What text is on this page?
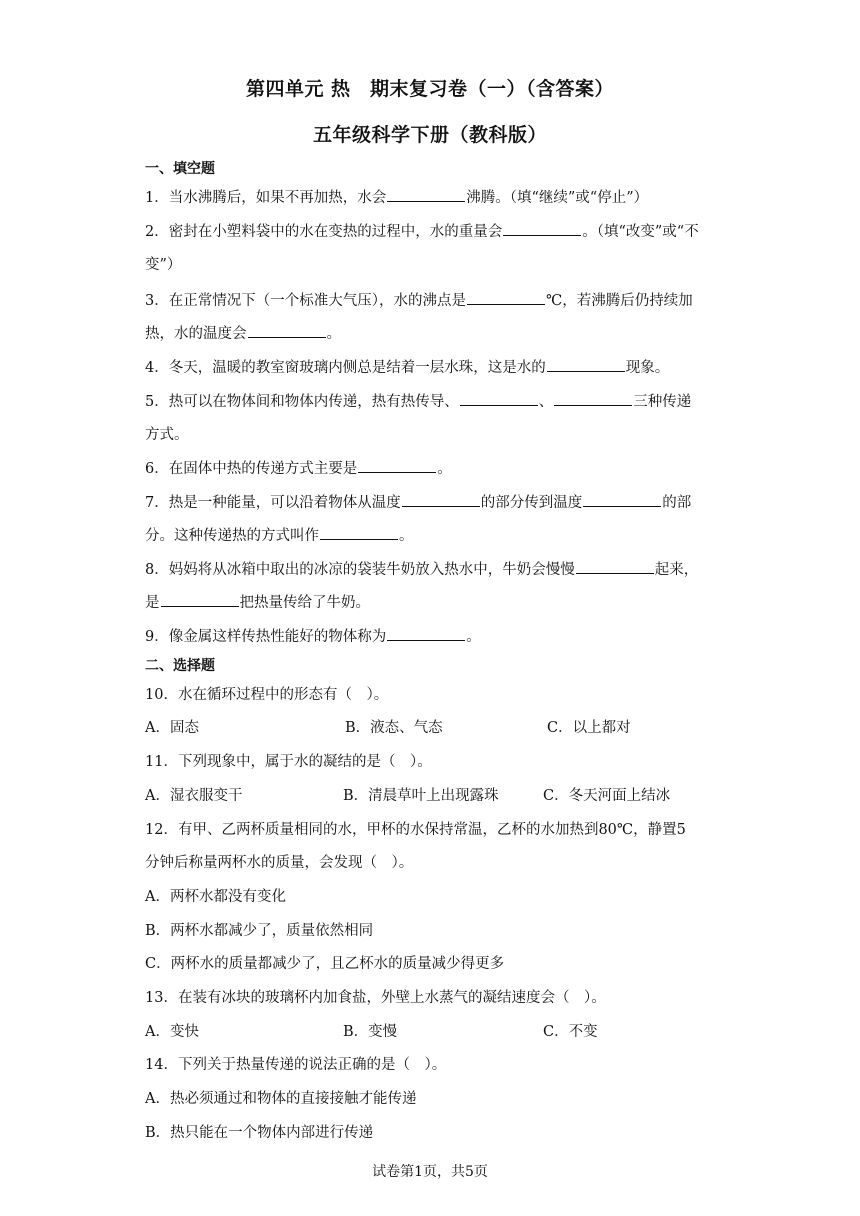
第四单元 热　期末复习卷（一）（含答案）
五年级科学下册（教科版）
一、填空题
1．当水沸腾后，如果不再加热，水会	沸腾。（填“继续”或“停止”）
2．密封在小塑料袋中的水在变热的过程中，水的重量会	。（填“改变”或“不
变”）
3．在正常情况下（一个标准大气压），水的沸点是	℃，若沸腾后仍持续加
热，水的温度会	。
4．冬天，温暖的教室窗玻璃内侧总是结着一层水珠，这是水的	现象。
5．热可以在物体间和物体内传递，热有热传导、	、	三种传递
方式。
6．在固体中热的传递方式主要是	。
7．热是一种能量，可以沿着物体从温度	的部分传到温度	的部
分。这种传递热的方式叫作	。
8．妈妈将从冰箱中取出的冰凉的袋装牛奶放入热水中，牛奶会慢慢	起来，
是	把热量传给了牛奶。
9．像金属这样传热性能好的物体称为	。
二、选择题
10．水在循环过程中的形态有（　）。
A．固态	B．液态、气态	C．以上都对
11．下列现象中，属于水的凝结的是（　）。
A．湿衣服变干	B．清晨草叶上出现露珠	C．冬天河面上结冰
12．有甲、乙两杯质量相同的水，甲杯的水保持常温，乙杯的水加热到80℃，静置5
分钟后称量两杯水的质量，会发现（　）。
A．两杯水都没有变化
B．两杯水都减少了，质量依然相同
C．两杯水的质量都减少了，且乙杯水的质量减少得更多
13．在装有冰块的玻璃杯内加食盐，外壁上水蒸气的凝结速度会（　）。
A．变快	B．变慢	C．不变
14．下列关于热量传递的说法正确的是（　）。
A．热必须通过和物体的直接接触才能传递
B．热只能在一个物体内部进行传递
试卷第1页，共5页
